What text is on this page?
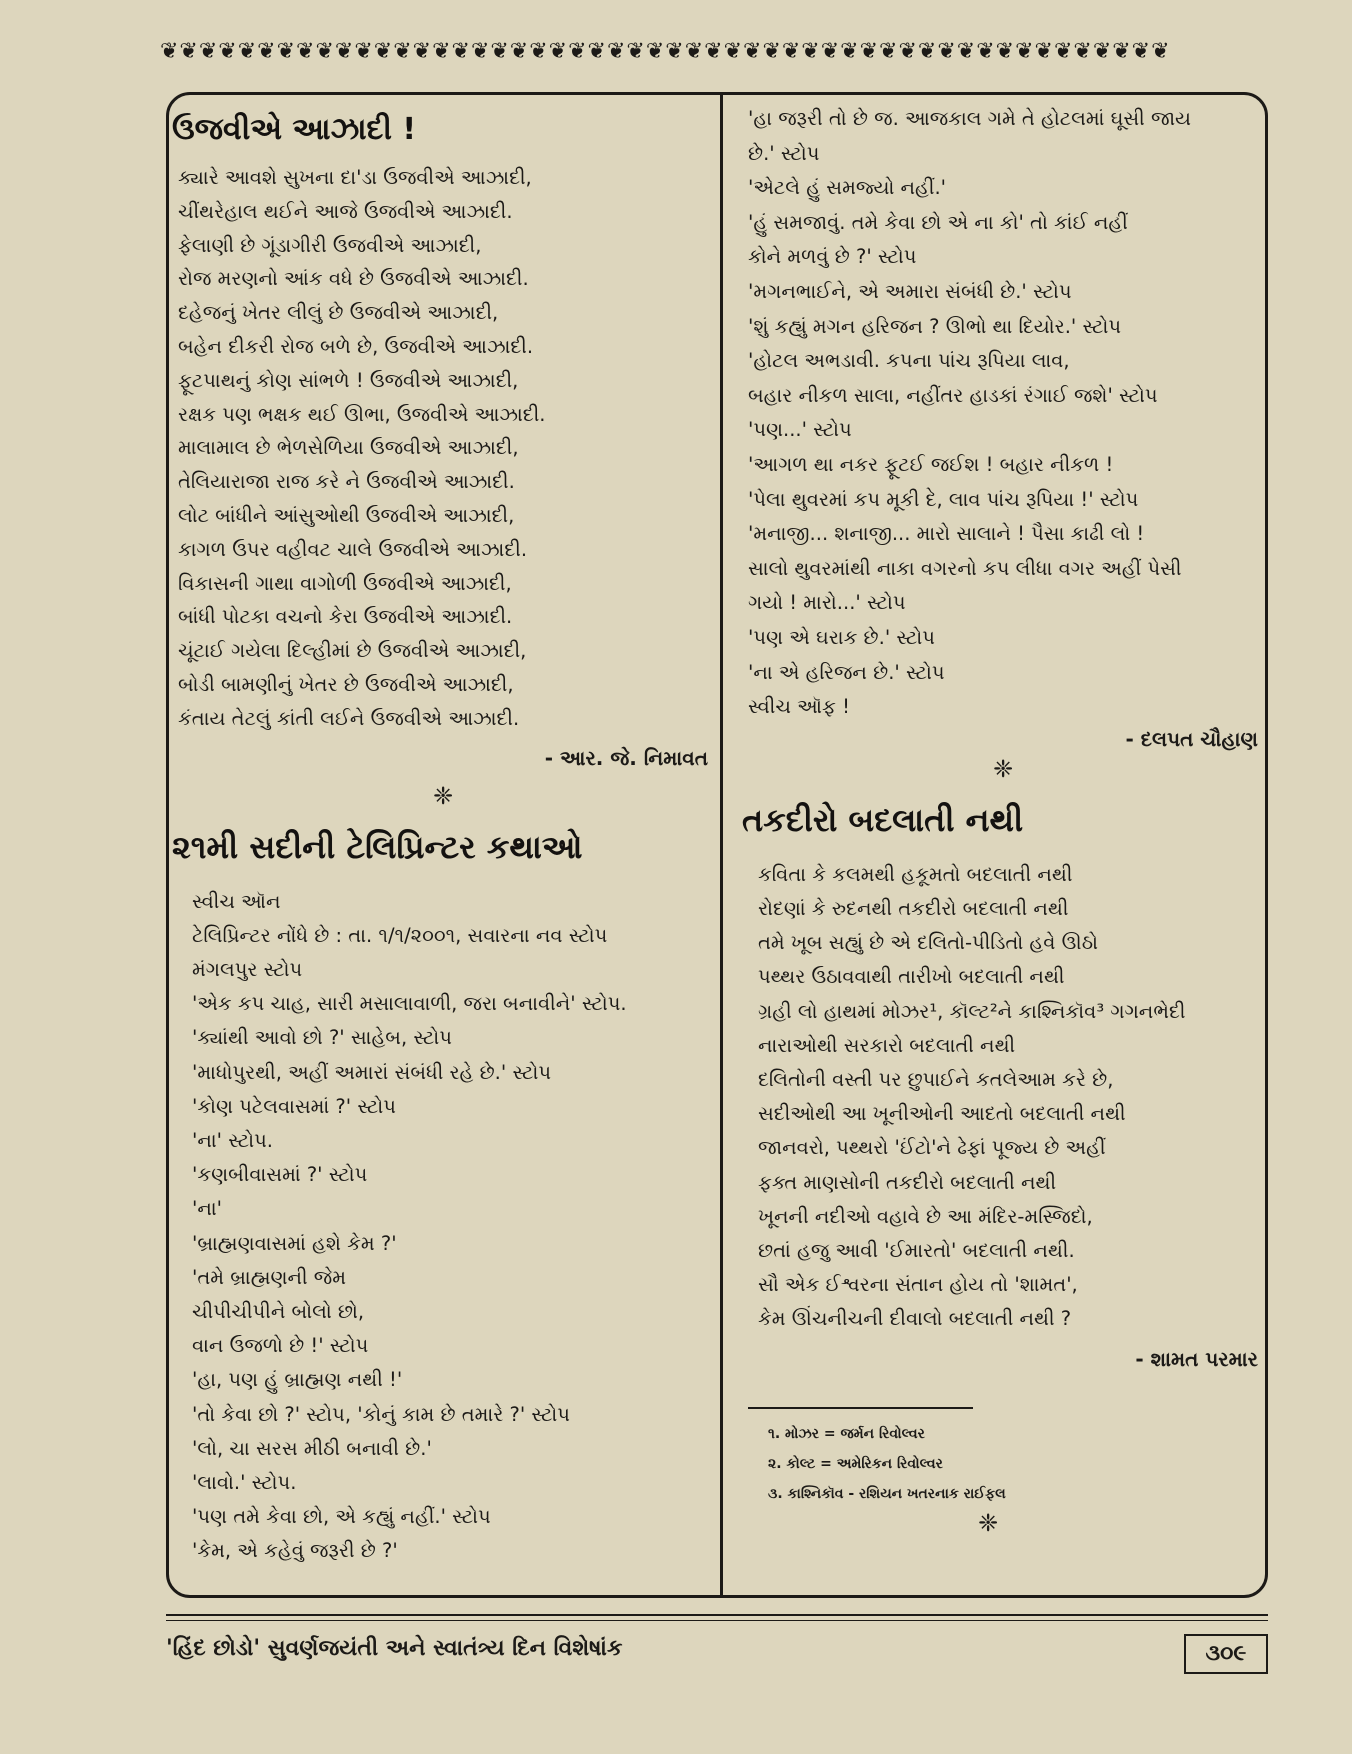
❦❦❦❦❦❦❦❦❦❦❦❦❦❦❦❦❦❦❦❦❦❦❦❦❦❦❦❦❦❦❦❦❦❦❦❦❦❦❦❦❦❦❦❦❦❦❦❦❦❦❦❦
ઉજવીએ આઝાદી !
ક્યારે આવશે સુખના દા'ડા ઉજવીએ આઝાદી,
ચીંથરેહાલ થઈને આજે ઉજવીએ આઝાદી.
ફેલાણી છે ગૂંડાગીરી ઉજવીએ આઝાદી,
રોજ મરણનો આંક વધે છે ઉજવીએ આઝાદી.
દહેજનું ખેતર લીલું છે ઉજવીએ આઝાદી,
બહેન દીકરી રોજ બળે છે, ઉજવીએ આઝાદી.
ફૂટપાથનું કોણ સાંભળે ! ઉજવીએ આઝાદી,
રક્ષક પણ ભક્ષક થઈ ઊભા, ઉજવીએ આઝાદી.
માલામાલ છે ભેળસેળિયા ઉજવીએ આઝાદી,
તેલિયારાજા રાજ કરે ને ઉજવીએ આઝાદી.
લોટ બાંધીને આંસુઓથી ઉજવીએ આઝાદી,
કાગળ ઉપર વહીવટ ચાલે ઉજવીએ આઝાદી.
વિકાસની ગાથા વાગોળી ઉજવીએ આઝાદી,
બાંધી પોટકા વચનો કેરા ઉજવીએ આઝાદી.
ચૂંટાઈ ગયેલા દિલ્હીમાં છે ઉજવીએ આઝાદી,
બોડી બામણીનું ખેતર છે ઉજવીએ આઝાદી,
કંતાય તેટલું કાંતી લઈને ઉજવીએ આઝાદી.
- આર. જે. નિમાવત
❈
૨૧મી સદીની ટેલિપ્રિન્ટર કથાઓ
સ્વીચ ઑન
ટેલિપ્રિન્ટર નોંધે છે : તા. ૧/૧/૨૦૦૧, સવારના નવ સ્ટોપ
મંગલપુર સ્ટોપ
'એક કપ ચાહ, સારી મસાલાવાળી, જરા બનાવીને' સ્ટોપ.
'ક્યાંથી આવો છો ?' સાહેબ, સ્ટોપ
'માધોપુરથી, અહીં અમારાં સંબંધી રહે છે.' સ્ટોપ
'કોણ પટેલવાસમાં ?' સ્ટોપ
'ના' સ્ટોપ.
'કણબીવાસમાં ?' સ્ટોપ
'ના'
'બ્રાહ્મણવાસમાં હશે કેમ ?'
'તમે બ્રાહ્મણની જેમ
ચીપીચીપીને બોલો છો,
વાન ઉજળો છે !' સ્ટોપ
'હા, પણ હું બ્રાહ્મણ નથી !'
'તો કેવા છો ?' સ્ટોપ, 'કોનું કામ છે તમારે ?' સ્ટોપ
'લો, ચા સરસ મીઠી બનાવી છે.'
'લાવો.' સ્ટોપ.
'પણ તમે કેવા છો, એ કહ્યું નહીં.' સ્ટોપ
'કેમ, એ કહેવું જરૂરી છે ?'
'હા જરૂરી તો છે જ. આજકાલ ગમે તે હોટલમાં ઘૂસી જાય
છે.' સ્ટોપ
'એટલે હું સમજ્યો નહીં.'
'હું સમજાવું. તમે કેવા છો એ ના કો' તો કાંઈ નહીં
કોને મળવું છે ?' સ્ટોપ
'મગનભાઈને, એ અમારા સંબંધી છે.' સ્ટોપ
'શું કહ્યું મગન હરિજન ? ઊભો થા દિયોર.' સ્ટોપ
'હોટલ અભડાવી. કપના પાંચ રૂપિયા લાવ,
બહાર નીકળ સાલા, નહીંતર હાડકાં રંગાઈ જશે' સ્ટોપ
'પણ...' સ્ટોપ
'આગળ થા નકર ફૂટઈ જઈશ ! બહાર નીકળ !
'પેલા થુવરમાં કપ મૂકી દે, લાવ પાંચ રૂપિયા !' સ્ટોપ
'મનાજી... શનાજી... મારો સાલાને ! પૈસા કાઢી લો !
સાલો થુવરમાંથી નાકા વગરનો કપ લીધા વગર અહીં પેસી
ગયો ! મારો...' સ્ટોપ
'પણ એ ઘરાક છે.' સ્ટોપ
'ના એ હરિજન છે.' સ્ટોપ
સ્વીચ ઑફ !
- દલપત ચૌહાણ
❈
તકદીરો બદલાતી નથી
કવિતા કે કલમથી હકૂમતો બદલાતી નથી
રોદણાં કે રુદનથી તકદીરો બદલાતી નથી
તમે ખૂબ સહ્યું છે એ દલિતો-પીડિતો હવે ઊઠો
પથ્થર ઉઠાવવાથી તારીખો બદલાતી નથી
ગ્રહી લો હાથમાં મોઝર¹, કૉલ્ટ²ને કાશ્નિકૉવ³ ગગનભેદી
નારાઓથી સરકારો બદલાતી નથી
દલિતોની વસ્તી પર છુપાઈને કતલેઆમ કરે છે,
સદીઓથી આ ખૂનીઓની આદતો બદલાતી નથી
જાનવરો, પથ્થરો 'ઈંટો'ને ઢેફાં પૂજ્ય છે અહીં
ફક્ત માણસોની તકદીરો બદલાતી નથી
ખૂનની નદીઓ વહાવે છે આ મંદિર-મસ્જિદો,
છતાં હજુ આવી 'ઈમારતો' બદલાતી નથી.
સૌ એક ઈશ્વરના સંતાન હોય તો 'શામત',
કેમ ઊંચનીચની દીવાલો બદલાતી નથી ?
- શામત પરમાર
૧. મોઝર = જર્મન રિવોલ્વર
૨. કોલ્ટ = અમેરિકન રિવોલ્વર
૩. કાશ્નિકૉવ - રશિયન ખતરનાક રાઈફલ
❈
'હિંદ છોડો' સુવર્ણજયંતી અને સ્વાતંત્ર્ય દિન વિશેષાંક	૩૦૯
